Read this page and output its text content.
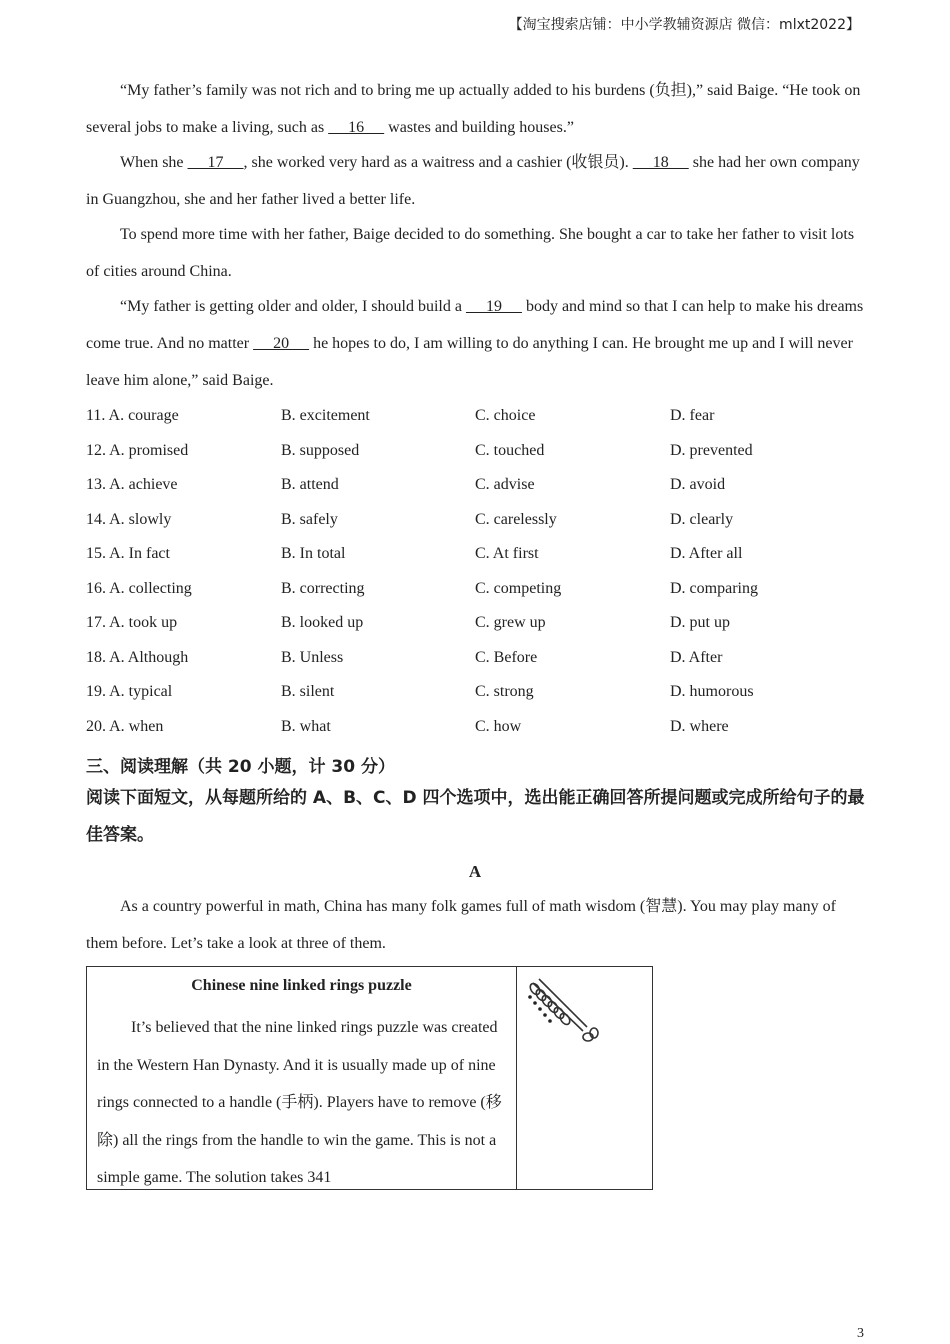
【淘宝搜索店铺：中小学教辅资源店 微信：mlxt2022】
“My father’s family was not rich and to bring me up actually added to his burdens (负担),” said Baige. “He took on several jobs to make a living, such as      16      wastes and building houses.”
When she      17     , she worked very hard as a waitress and a cashier (收银员).      18      she had her own company in Guangzhou, she and her father lived a better life.
To spend more time with her father, Baige decided to do something. She bought a car to take her father to visit lots of cities around China.
“My father is getting older and older, I should build a      19      body and mind so that I can help to make his dreams come true. And no matter      20      he hopes to do, I am willing to do anything I can. He brought me up and I will never leave him alone,” said Baige.
11. A. courage	B. excitement	C. choice	D. fear
12. A. promised	B. supposed	C. touched	D. prevented
13. A. achieve	B. attend	C. advise	D. avoid
14. A. slowly	B. safely	C. carelessly	D. clearly
15. A. In fact	B. In total	C. At first	D. After all
16. A. collecting	B. correcting	C. competing	D. comparing
17. A. took up	B. looked up	C. grew up	D. put up
18. A. Although	B. Unless	C. Before	D. After
19. A. typical	B. silent	C. strong	D. humorous
20. A. when	B. what	C. how	D. where
三、阅读理解（共 20 小题，计 30 分）
阅读下面短文，从每题所给的 A、B、C、D 四个选项中，选出能正确回答所提问题或完成所给句子的最佳答案。
A
As a country powerful in math, China has many folk games full of math wisdom (智慧). You may play many of them before. Let’s take a look at three of them.
Chinese nine linked rings puzzle
It’s believed that the nine linked rings puzzle was created in the Western Han Dynasty. And it is usually made up of nine rings connected to a handle (手柄). Players have to remove (移除) all the rings from the handle to win the game. This is not a simple game. The solution takes 341
3
